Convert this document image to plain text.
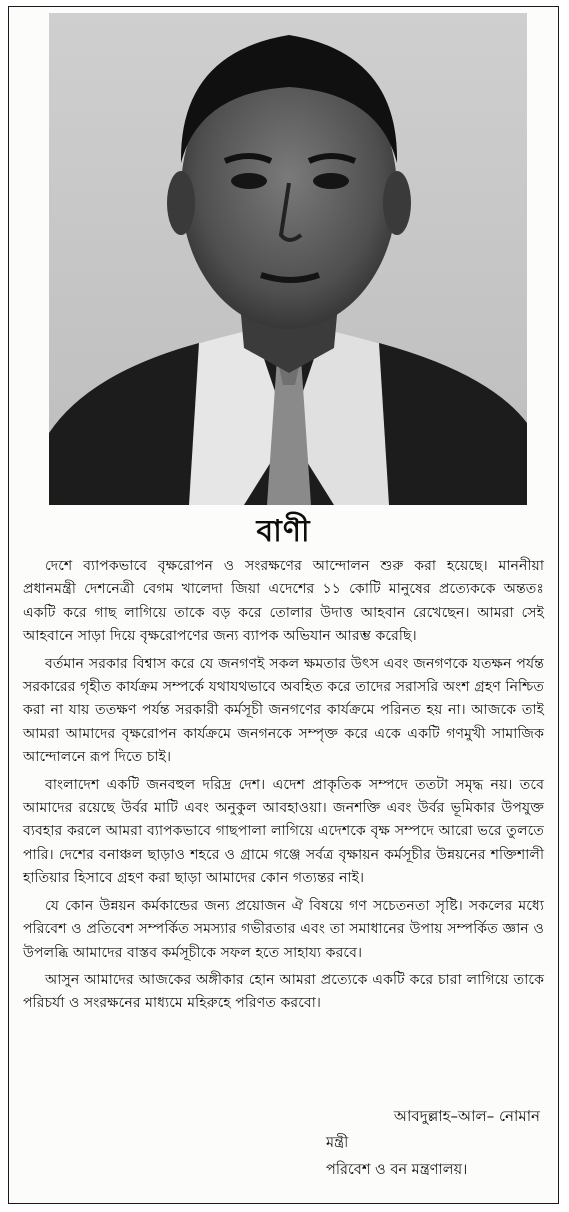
বাণী

দেশে ব্যাপকভাবে বৃক্ষরোপন ও সংরক্ষণের আন্দোলন শুরু করা হয়েছে। মাননীয়া প্রধানমন্ত্রী দেশনেত্রী বেগম খালেদা জিয়া এদেশের ১১ কোটি মানুষের প্রত্যেককে অন্ততঃ একটি করে গাছ লাগিয়ে তাকে বড় করে তোলার উদাত্ত আহবান রেখেছেন। আমরা সেই আহবানে সাড়া দিয়ে বৃক্ষরোপণের জন্য ব্যাপক অভিযান আরম্ভ করেছি।

বর্তমান সরকার বিশ্বাস করে যে জনগণই সকল ক্ষমতার উৎস এবং জনগণকে যতক্ষন পর্যন্ত সরকারের গৃহীত কার্যক্রম সম্পর্কে যথাযথভাবে অবহিত করে তাদের সরাসরি অংশ গ্রহণ নিশ্চিত করা না যায় ততক্ষণ পর্যন্ত সরকারী কর্মসূচী জনগণের কার্যক্রমে পরিনত হয় না। আজকে তাই আমরা আমাদের বৃক্ষরোপন কার্যক্রমে জনগনকে সম্পৃক্ত করে একে একটি গণমুখী সামাজিক আন্দোলনে রূপ দিতে চাই।

বাংলাদেশ একটি জনবহুল দরিদ্র দেশ। এদেশ প্রাকৃতিক সম্পদে ততটা সমৃদ্ধ নয়। তবে আমাদের রয়েছে উর্বর মাটি এবং অনুকুল আবহাওয়া। জনশক্তি এবং উর্বর ভূমিকার উপযুক্ত ব্যবহার করলে আমরা ব্যাপকভাবে গাছপালা লাগিয়ে এদেশকে বৃক্ষ সম্পদে আরো ভরে তুলতে পারি। দেশের বনাঞ্চল ছাড়াও শহরে ও গ্রামে গঞ্জে সর্বত্র বৃক্ষায়ন কর্মসূচীর উন্নয়নের শক্তিশালী হাতিয়ার হিসাবে গ্রহণ করা ছাড়া আমাদের কোন গত্যন্তর নাই।

যে কোন উন্নয়ন কর্মকান্ডের জন্য প্রয়োজন ঐ বিষয়ে গণ সচেতনতা সৃষ্টি। সকলের মধ্যে পরিবেশ ও প্রতিবেশ সম্পর্কিত সমস্যার গভীরতার এবং তা সমাধানের উপায় সম্পর্কিত জ্ঞান ও উপলব্ধি আমাদের বাস্তব কর্মসূচীকে সফল হতে সাহায্য করবে।

আসুন আমাদের আজকের অঙ্গীকার হোন আমরা প্রত্যেকে একটি করে চারা লাগিয়ে তাকে পরিচর্যা ও সংরক্ষনের মাধ্যমে মহিরুহে পরিণত করবো।

আবদুল্লাহ–আল– নোমান
মন্ত্রী
পরিবেশ ও বন মন্ত্রণালয়।
